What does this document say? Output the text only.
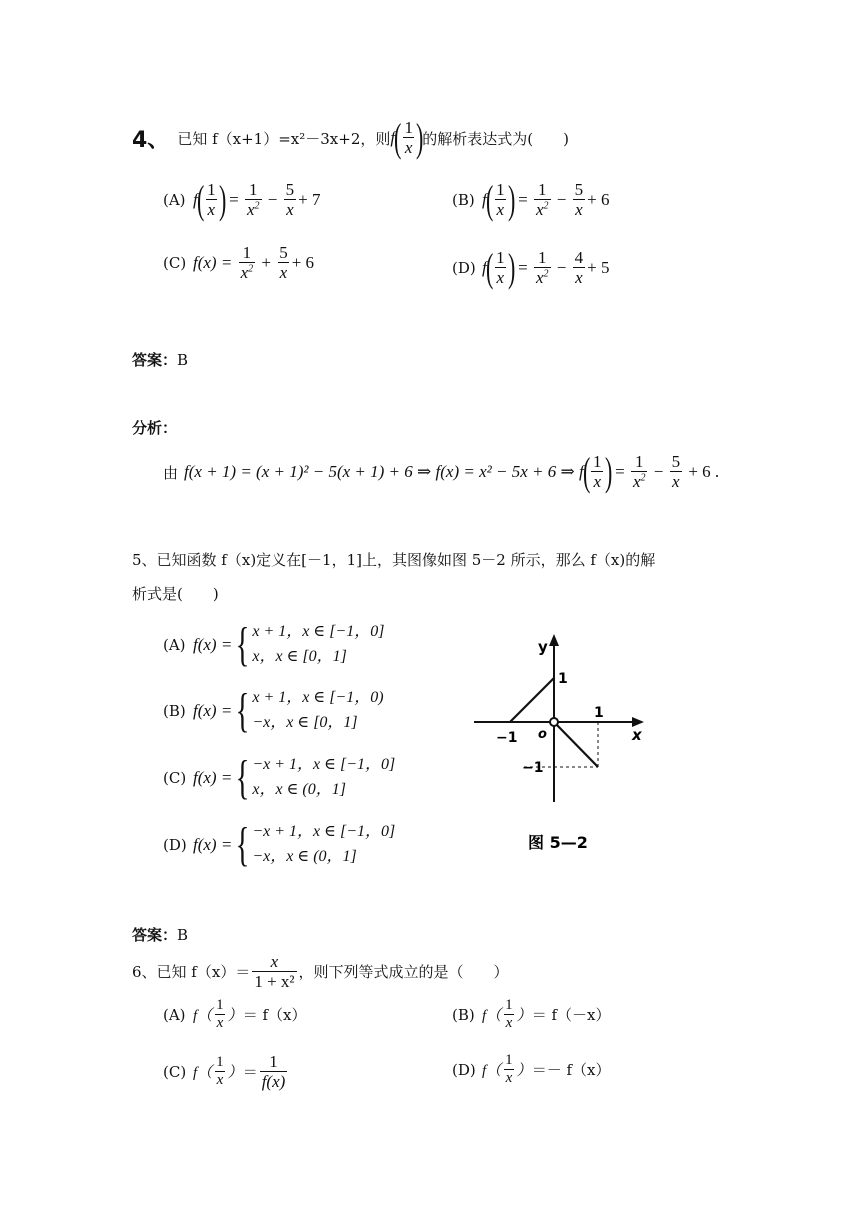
4、 已知 f（x+1）=x²－3x+2，则 f
( 1
x )
的解析表达式为(　　)
(A) f
( 1
x )
= $\frac{1}{x^2} - \frac{5}{x} + 7$	(B) f
( 1
x )
= $\frac{1}{x^2} - \frac{5}{x} + 6$
(C) f(x) =

1
$x^2 + \frac{5}{x} + 6$	(D) f
( 1
x )
= $\frac{1}{x^2} - \frac{4}{x} + 5$
答案：B
分析：
由 f(x + 1) = (x + 1)² − 5(x + 1) + 6 ⇒ f(x) = x² − 5x + 6 ⇒ f
( 1
x )
= $\frac{1}{x^2} - \frac{5}{x}$
+ 6 .
5、已知函数 f（x)定义在[－1，1]上，其图像如图 5－2 所示，那么 f（x)的解
析式是(　　)
(A) f(x) = { x + 1，x ∈ [−1，0]
x，x ∈ [0，1]
(B) f(x) = { x + 1，x ∈ [−1，0)
−x，x ∈ [0，1]
(C) f(x) = { −x + 1，x ∈ [−1，0]
x，x ∈ (0，1]
(D) f(x) = { −x + 1，x ∈ [−1，0]
−x，x ∈ (0，1]
y
x
o
1
−1
1
−1
图 5—2
答案：B
6、已知 f（x）＝
x
1 + x² ，则下列等式成立的是（　　）
(A) f（
1
x ） ＝ f（x）	(B) f（
1
x ） ＝ f（－x）
(C) f（
1
x ） ＝
1
f(x)
(D) f（
1
x ） ＝－ f（x）
